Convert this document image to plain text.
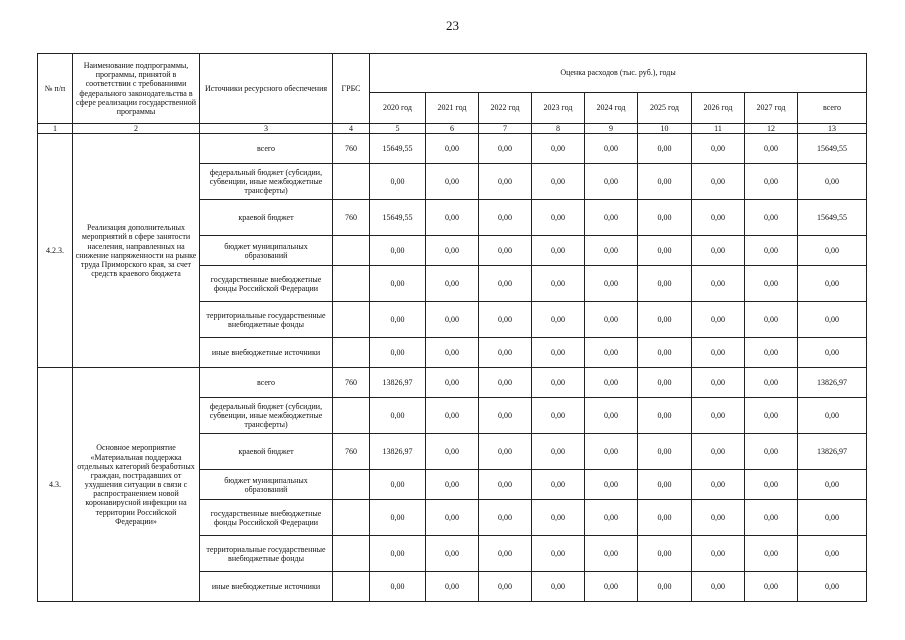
23
№ п/п	Наименование подпрограммы, программы, принятой в соответствии с требованиями федерального законодательства в сфере реализации государственной программы	Источники ресурсного обеспечения	ГРБС	Оценка расходов (тыс. руб.), годы								
				2020 год	2021 год	2022 год	2023 год	2024 год	2025 год	2026 год	2027 год	всего
1	2	3	4	5	6	7	8	9	10	11	12	13
4.2.3.	Реализация дополнительных мероприятий в сфере занятости населения, направленных на снижение напряженности на рынке труда Приморского края, за счет средств краевого бюджета	всего	760	15649,55	0,00	0,00	0,00	0,00	0,00	0,00	0,00	15649,55
		федеральный бюджет (субсидии, субвенции, иные межбюджетные трансферты)		0,00	0,00	0,00	0,00	0,00	0,00	0,00	0,00	0,00
		краевой бюджет	760	15649,55	0,00	0,00	0,00	0,00	0,00	0,00	0,00	15649,55
		бюджет муниципальных образований		0,00	0,00	0,00	0,00	0,00	0,00	0,00	0,00	0,00
		государственные внебюджетные фонды Российской Федерации		0,00	0,00	0,00	0,00	0,00	0,00	0,00	0,00	0,00
		территориальные государственные внебюджетные фонды		0,00	0,00	0,00	0,00	0,00	0,00	0,00	0,00	0,00
		иные внебюджетные источники		0,00	0,00	0,00	0,00	0,00	0,00	0,00	0,00	0,00
4.3.	Основное мероприятие «Материальная поддержка отдельных категорий безработных граждан, пострадавших от ухудшения ситуации в связи с распространением новой коронавирусной инфекции на территории Российской Федерации»	всего	760	13826,97	0,00	0,00	0,00	0,00	0,00	0,00	0,00	13826,97
		федеральный бюджет (субсидии, субвенции, иные межбюджетные трансферты)		0,00	0,00	0,00	0,00	0,00	0,00	0,00	0,00	0,00
		краевой бюджет	760	13826,97	0,00	0,00	0,00	0,00	0,00	0,00	0,00	13826,97
		бюджет муниципальных образований		0,00	0,00	0,00	0,00	0,00	0,00	0,00	0,00	0,00
		государственные внебюджетные фонды Российской Федерации		0,00	0,00	0,00	0,00	0,00	0,00	0,00	0,00	0,00
		территориальные государственные внебюджетные фонды		0,00	0,00	0,00	0,00	0,00	0,00	0,00	0,00	0,00
		иные внебюджетные источники		0,00	0,00	0,00	0,00	0,00	0,00	0,00	0,00	0,00
